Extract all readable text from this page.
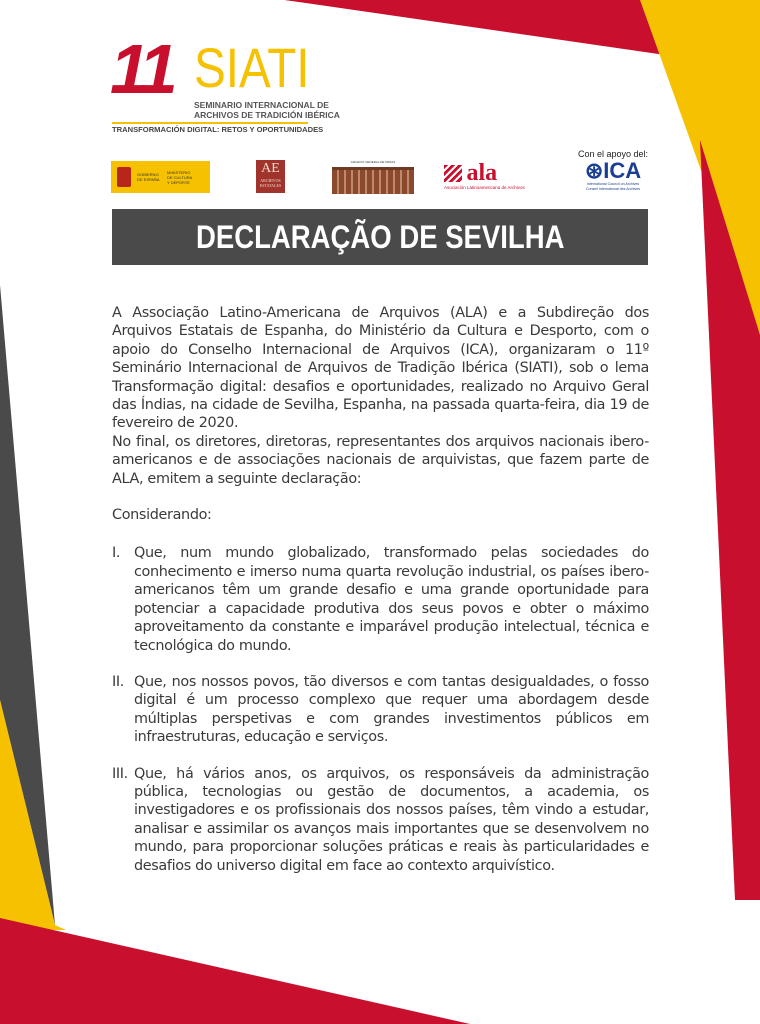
11 SIATI
SEMINARIO INTERNACIONAL DE
ARCHIVOS DE TRADICIÓN IBÉRICA
TRANSFORMACIÓN DIGITAL: RETOS Y OPORTUNIDADES
GOBIERNO DE ESPAÑA
MINISTERIO DE CULTURA Y DEPORTE
AE
ARCHIVOS ESTATALES
ARCHIVO GENERAL DE INDIAS	ala
Asociación Latinoamericana de Archivos
Con el apoyo del:
⊛ICA
International Council on Archives
Conseil International des Archives
DECLARAÇÃO DE SEVILHA

A Associação Latino-Americana de Arquivos (ALA) e a Subdireção dos Arquivos Estatais de Espanha, do Ministério da Cultura e Desporto, com o apoio do Conselho Internacional de Arquivos (ICA), organizaram o 11º Seminário Internacional de Arquivos de Tradição Ibérica (SIATI), sob o lema Transformação digital: desafios e oportunidades, realizado no Arquivo Geral das Índias, na cidade de Sevilha, Espanha, na passada quarta-feira, dia 19 de fevereiro de 2020.

No final, os diretores, diretoras, representantes dos arquivos nacionais ibero-americanos e de associações nacionais de arquivistas, que fazem parte de ALA, emitem a seguinte declaração:

Considerando:

I. Que, num mundo globalizado, transformado pelas sociedades do conhecimento e imerso numa quarta revolução industrial, os países ibero-americanos têm um grande desafio e uma grande oportunidade para potenciar a capacidade produtiva dos seus povos e obter o máximo aproveitamento da constante e imparável produção intelectual, técnica e tecnológica do mundo.
II. Que, nos nossos povos, tão diversos e com tantas desigualdades, o fosso digital é um processo complexo que requer uma abordagem desde múltiplas perspetivas e com grandes investimentos públicos em infraestruturas, educação e serviços.
III. Que, há vários anos, os arquivos, os responsáveis da administração pública, tecnologias ou gestão de documentos, a academia, os investigadores e os profissionais dos nossos países, têm vindo a estudar, analisar e assimilar os avanços mais importantes que se desenvolvem no mundo, para proporcionar soluções práticas e reais às particularidades e desafios do universo digital em face ao contexto arquivístico.
